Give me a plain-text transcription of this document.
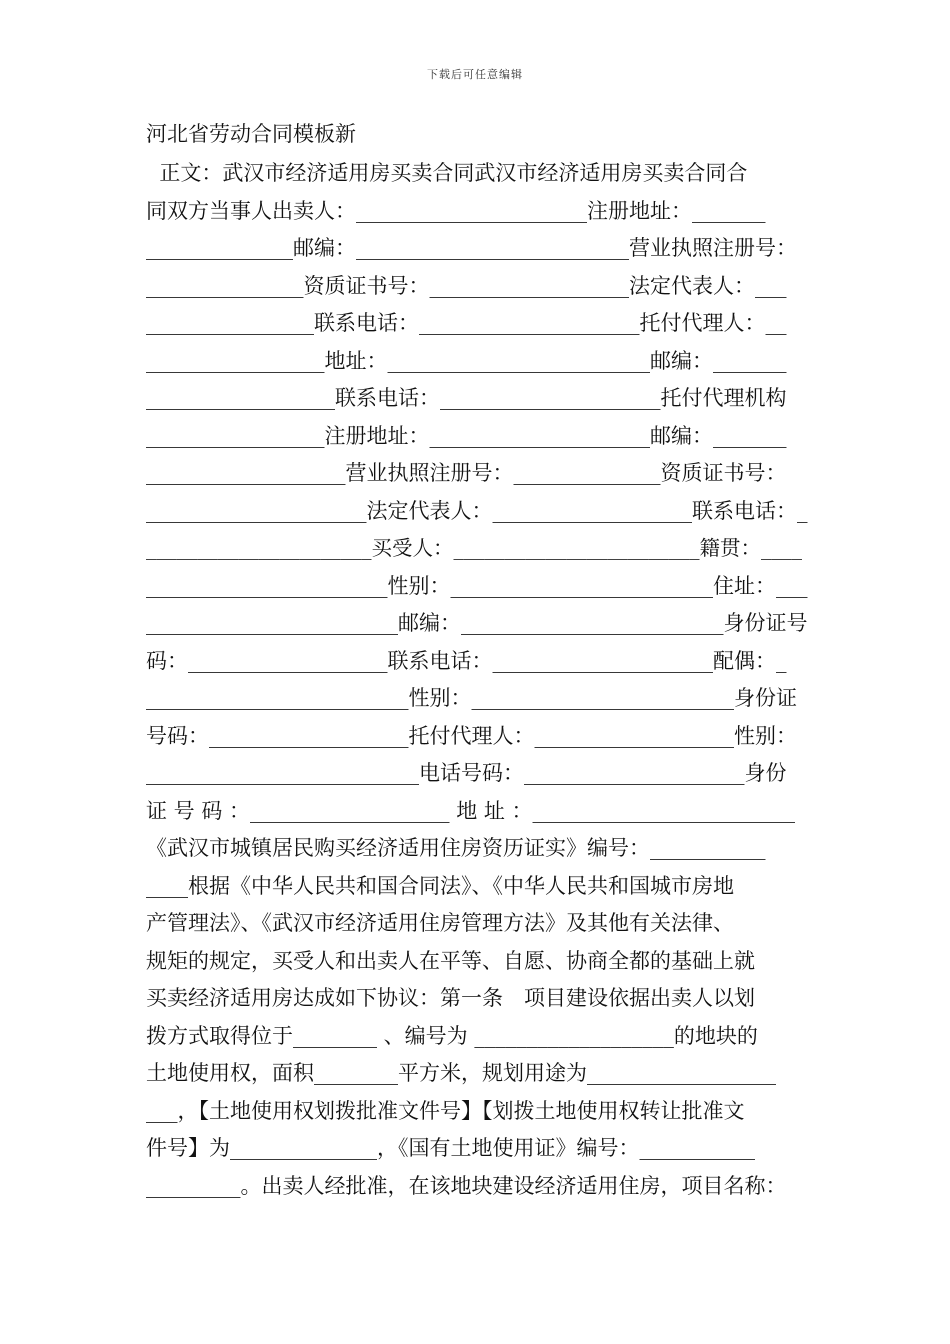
下载后可任意编辑
河北省劳动合同模板新
正文：武汉市经济适用房买卖合同武汉市经济适用房买卖合同合
同双方当事人出卖人：______________________注册地址：_______
______________邮编：__________________________营业执照注册号：
_______________资质证书号：___________________法定代表人：___
________________联系电话：_____________________托付代理人：__
_________________地址：_________________________邮编：_______
__________________联系电话：_____________________托付代理机构
_________________注册地址：_____________________邮编：_______
___________________营业执照注册号：______________资质证书号：
_____________________法定代表人：___________________联系电话：_
______________________买受人：________________________籍贯：____
_______________________性别：_________________________住址：___
________________________邮编：_________________________身份证号
码：___________________联系电话：_____________________配偶：_
_________________________性别：_________________________身份证
号码：___________________托付代理人：___________________性别：
__________________________电话号码：_____________________身份
证 号 码 ：___________________ 地 址 ：_________________________
《武汉市城镇居民购买经济适用住房资历证实》编号：___________
____根据《中华人民共和国合同法》、《中华人民共和国城市房地
产管理法》、《武汉市经济适用住房管理方法》及其他有关法律、
规矩的规定，买受人和出卖人在平等、自愿、协商全都的基础上就
买卖经济适用房达成如下协议：第一条　项目建设依据出卖人以划
拨方式取得位于________ 、编号为 ___________________的地块的
土地使用权，面积________平方米，规划用途为__________________
___，【土地使用权划拨批准文件号】【划拨土地使用权转让批准文
件号】为______________，《国有土地使用证》编号：___________
_________。出卖人经批准，在该地块建设经济适用住房，项目名称：
